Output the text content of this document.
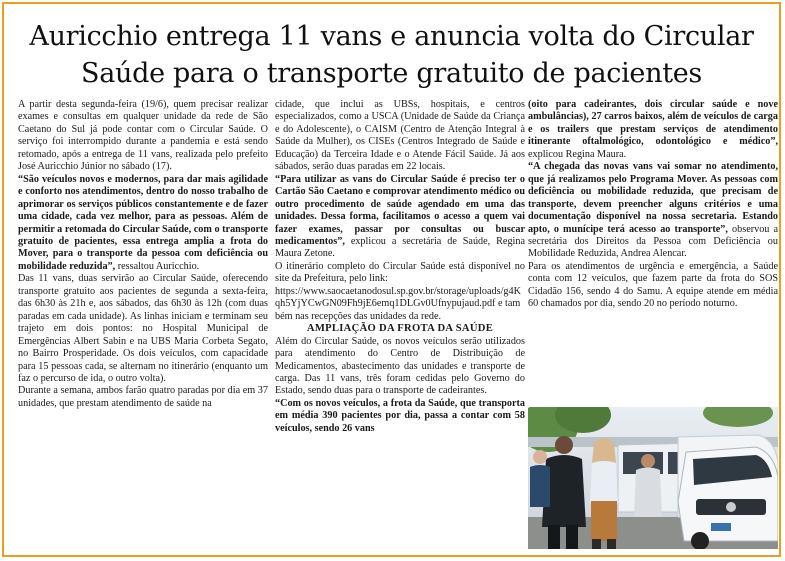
Auricchio entrega 11 vans e anuncia volta do Circular
Saúde para o transporte gratuito de pacientes

A partir desta segunda-feira (19/6), quem precisar realizar exames e consultas em qualquer unidade da rede de São Caetano do Sul já pode contar com o Circular Saúde. O serviço foi interrompido durante a pandemia e está sendo retomado, após a entrega de 11 vans, realizada pelo prefeito José Auricchio Júnior no sábado (17).

“São veículos novos e modernos, para dar mais agilidade e conforto nos atendimentos, dentro do nosso trabalho de aprimorar os serviços públicos constantemente e de fazer uma cidade, cada vez melhor, para as pessoas. Além de permitir a retomada do Circular Saúde, com o transporte gratuito de pacientes, essa entrega amplia a frota do Mover, para o transporte da pessoa com deficiência ou mobilidade reduzida”, ressaltou Auricchio.

Das 11 vans, duas servirão ao Circular Saúde, oferecendo transporte gratuito aos pacientes de segunda a sexta-feira, das 6h30 às 21h e, aos sábados, das 6h30 às 12h (com duas paradas em cada unidade). As linhas iniciam e terminam seu trajeto em dois pontos: no Hospital Municipal de Emergências Albert Sabin e na UBS Maria Corbeta Segato, no Bairro Prosperidade. Os dois veículos, com capacidade para 15 pessoas cada, se alternam no itinerário (enquanto um faz o percurso de ida, o outro volta).

Durante a semana, ambos farão quatro paradas por dia em 37 unidades, que prestam atendimento de saúde na

cidade, que inclui as UBSs, hospitais, e centros especializados, como a USCA (Unidade de Saúde da Criança e do Adolescente), o CAISM (Centro de Atenção Integral à Saúde da Mulher), os CISEs (Centros Integrado de Saúde e Educação) da Terceira Idade e o Atende Fácil Saúde. Já aos sábados, serão duas paradas em 22 locais.

“Para utilizar as vans do Circular Saúde é preciso ter o Cartão São Caetano e comprovar atendimento médico ou outro procedimento de saúde agendado em uma das unidades. Dessa forma, facilitamos o acesso a quem vai fazer exames, passar por consultas ou buscar medicamentos”, explicou a secretária de Saúde, Regina Maura Zetone.

O itinerário completo do Circular Saúde está disponível no site da Prefeitura, pelo link:

https://www.saocaetanodosul.sp.gov.br/storage/uploads/g4Kqh5YjYCwGN09Fh9jE6emq1DLGv0Ufnypujaud.pdf e também nas recepções das unidades da rede.

AMPLIAÇÃO DA FROTA DA SAÚDE

Além do Circular Saúde, os novos veículos serão utilizados para atendimento do Centro de Distribuição de Medicamentos, abastecimento das unidades e transporte de carga. Das 11 vans, três foram cedidas pelo Governo do Estado, sendo duas para o transporte de cadeirantes.

“Com os novos veículos, a frota da Saúde, que transporta em média 390 pacientes por dia, passa a contar com 58 veículos, sendo 26 vans

(oito para cadeirantes, dois circular saúde e nove ambulâncias), 27 carros baixos, além de veículos de carga e os trailers que prestam serviços de atendimento itinerante oftalmológico, odontológico e médico”, explicou Regina Maura.

“A chegada das novas vans vai somar no atendimento, que já realizamos pelo Programa Mover. As pessoas com deficiência ou mobilidade reduzida, que precisam de transporte, devem preencher alguns critérios e uma documentação disponível na nossa secretaria. Estando apto, o munícipe terá acesso ao transporte”, observou a secretária dos Direitos da Pessoa com Deficiência ou Mobilidade Reduzida, Andrea Alencar.

Para os atendimentos de urgência e emergência, a Saúde conta com 12 veículos, que fazem parte da frota do SOS Cidadão 156, sendo 4 do Samu. A equipe atende em média 60 chamados por dia, sendo 20 no período noturno.
